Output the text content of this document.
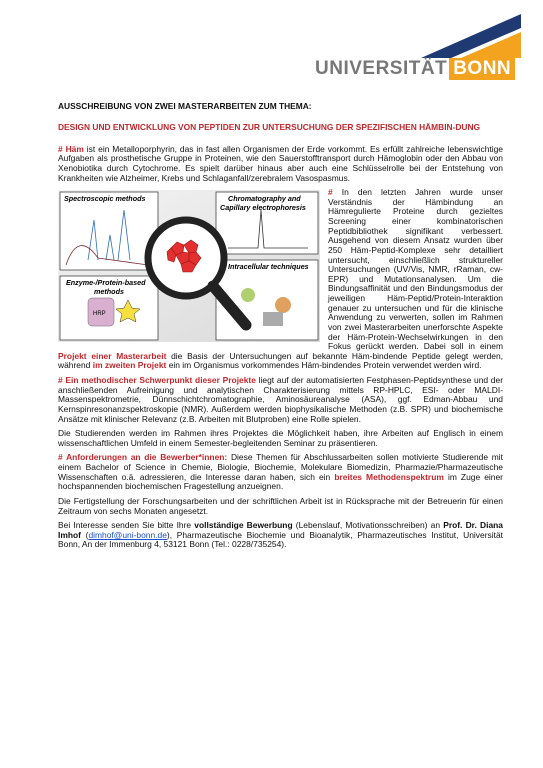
UNIVERSITÄT BONN
AUSSCHREIBUNG VON ZWEI MASTERARBEITEN ZUM THEMA:
DESIGN UND ENTWICKLUNG VON PEPTIDEN ZUR UNTERSUCHUNG DER SPEZIFISCHEN HÄMBIN-DUNG

# Häm ist ein Metalloporphyrin, das in fast allen Organismen der Erde vorkommt. Es erfüllt zahlreiche lebenswichtige Aufgaben als prosthetische Gruppe in Proteinen, wie den Sauerstofftransport durch Hämoglobin oder den Abbau von Xenobiotika durch Cytochrome. Es spielt darüber hinaus aber auch eine Schlüsselrolle bei der Entstehung von Krankheiten wie Alzheimer, Krebs und Schlaganfall/zerebralem Vasospasmus.

Spectroscopic methods	Chromatography and
Capillary electrophoresis
Intracellular techniques
Enzyme-/Protein-based
methods
HRP

# In den letzten Jahren wurde unser Verständnis der Hämbindung an Hämregulierte Proteine durch gezieltes Screening einer kombinatorischen Peptidbibliothek signifikant verbessert. Ausgehend von diesem Ansatz wurden über 250 Häm-Peptid-Komplexe sehr detailliert untersucht, einschließlich struktureller Untersuchungen (UV/Vis, NMR, rRaman, cw-EPR) und Mutationsanalysen. Um die Bindungsaffinität und den Bindungsmodus der jeweiligen Häm-Peptid/Protein-Interaktion genauer zu untersuchen und für die klinische Anwendung zu verwerten, sollen im Rahmen von zwei Masterarbeiten unerforschte Aspekte der Häm-Protein-Wechselwirkungen in den Fokus gerückt werden. Dabei soll in einem Projekt einer Masterarbeit die Basis der Untersuchungen auf bekannte Häm-bindende Peptide gelegt werden, während im zweiten Projekt ein im Organismus vorkommendes Häm-bindendes Protein verwendet werden wird.

# Ein methodischer Schwerpunkt dieser Projekte liegt auf der automatisierten Festphasen-Peptidsynthese und der anschließenden Aufreinigung und analytischen Charakterisierung mittels RP-HPLC, ESI- oder MALDI-Massenspektrometrie, Dünnschichtchromatographie, Aminosäureanalyse (ASA), ggf. Edman-Abbau und Kernspinresonanzspektroskopie (NMR). Außerdem werden biophysikalische Methoden (z.B. SPR) und biochemische Ansätze mit klinischer Relevanz (z.B. Arbeiten mit Blutproben) eine Rolle spielen.

Die Studierenden werden im Rahmen ihres Projektes die Möglichkeit haben, ihre Arbeiten auf Englisch in einem wissenschaftlichen Umfeld in einem Semester-begleitenden Seminar zu präsentieren.

# Anforderungen an die Bewerber*innen: Diese Themen für Abschlussarbeiten sollen motivierte Studierende mit einem Bachelor of Science in Chemie, Biologie, Biochemie, Molekulare Biomedizin, Pharmazie/Pharmazeutische Wissenschaften o.ä. adressieren, die Interesse daran haben, sich ein breites Methodenspektrum im Zuge einer hochspannenden biochemischen Fragestellung anzueignen.

Die Fertigstellung der Forschungsarbeiten und der schriftlichen Arbeit ist in Rücksprache mit der Betreuerin für einen Zeitraum von sechs Monaten angesetzt.

Bei Interesse senden Sie bitte Ihre vollständige Bewerbung (Lebenslauf, Motivationsschreiben) an Prof. Dr. Diana Imhof (dimhof@uni-bonn.de), Pharmazeutische Biochemie und Bioanalytik, Pharmazeutisches Institut, Universität Bonn, An der Immenburg 4, 53121 Bonn (Tel.: 0228/735254).
